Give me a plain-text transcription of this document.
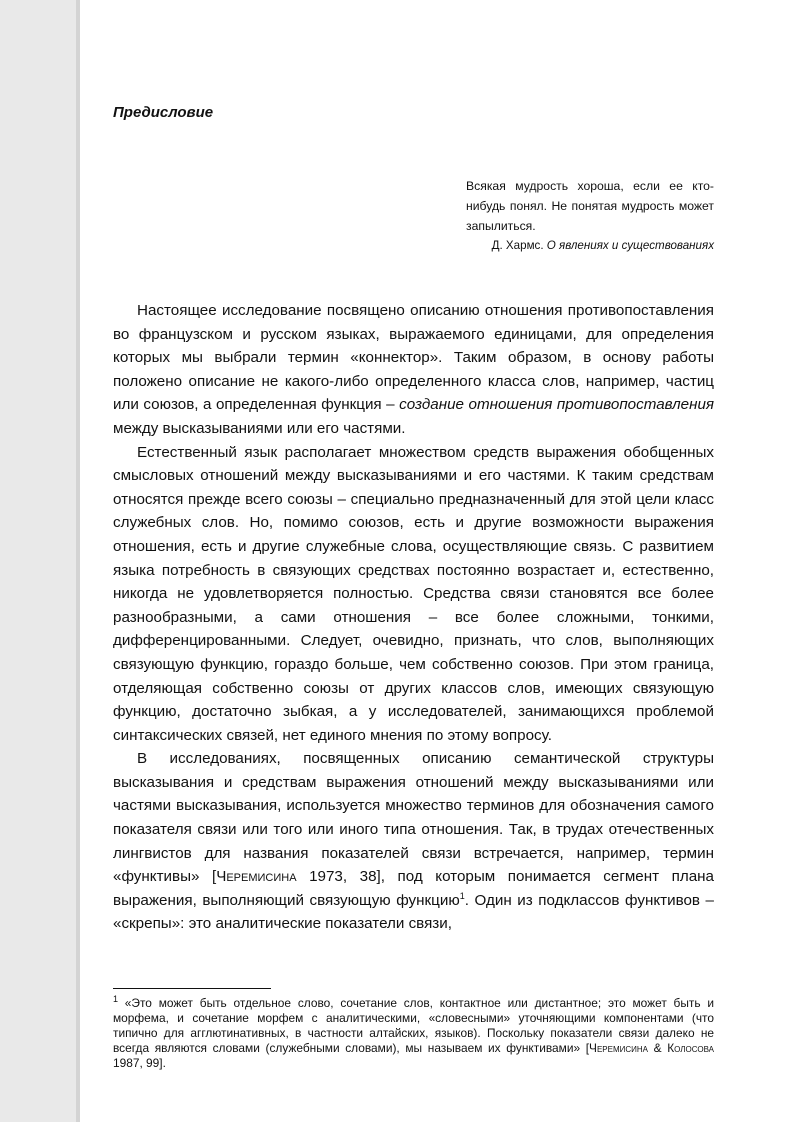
Предисловие
Всякая мудрость хороша, если ее кто-нибудь понял. Не понятая мудрость может запылиться.
Д. Хармс. О явлениях и существованиях

Настоящее исследование посвящено описанию отношения противопоставления во французском и русском языках, выражаемого единицами, для определения которых мы выбрали термин «коннектор». Таким образом, в основу работы положено описание не какого-либо определенного класса слов, например, частиц или союзов, а определенная функция – создание отношения противопоставления между высказываниями или его частями.

Естественный язык располагает множеством средств выражения обобщенных смысловых отношений между высказываниями и его частями. К таким средствам относятся прежде всего союзы – специально предназначенный для этой цели класс служебных слов. Но, помимо союзов, есть и другие возможности выражения отношения, есть и другие служебные слова, осуществляющие связь. С развитием языка потребность в связующих средствах постоянно возрастает и, естественно, никогда не удовлетворяется полностью. Средства связи становятся все более разнообразными, а сами отношения – все более сложными, тонкими, дифференцированными. Следует, очевидно, признать, что слов, выполняющих связующую функцию, гораздо больше, чем собственно союзов. При этом граница, отделяющая собственно союзы от других классов слов, имеющих связующую функцию, достаточно зыбкая, а у исследователей, занимающихся проблемой синтаксических связей, нет единого мнения по этому вопросу.

В исследованиях, посвященных описанию семантической структуры высказывания и средствам выражения отношений между высказываниями или частями высказывания, используется множество терминов для обозначения самого показателя связи или того или иного типа отношения. Так, в трудах отечественных лингвистов для названия показателей связи встречается, например, термин «функтивы» [Черемисина 1973, 38], под которым понимается сегмент плана выражения, выполняющий связующую функцию$^1$. Один из подклассов функтивов – «скрепы»: это аналитические показатели связи,

$^1$ «Это может быть отдельное слово, сочетание слов, контактное или дистантное; это может быть и морфема, и сочетание морфем с аналитическими, «словесными» уточняющими компонентами (что типично для агглютинативных, в частности алтайских, языков). Поскольку показатели связи далеко не всегда являются словами (служебными словами), мы называем их функтивами» [Черемисина & Колосова 1987, 99].
